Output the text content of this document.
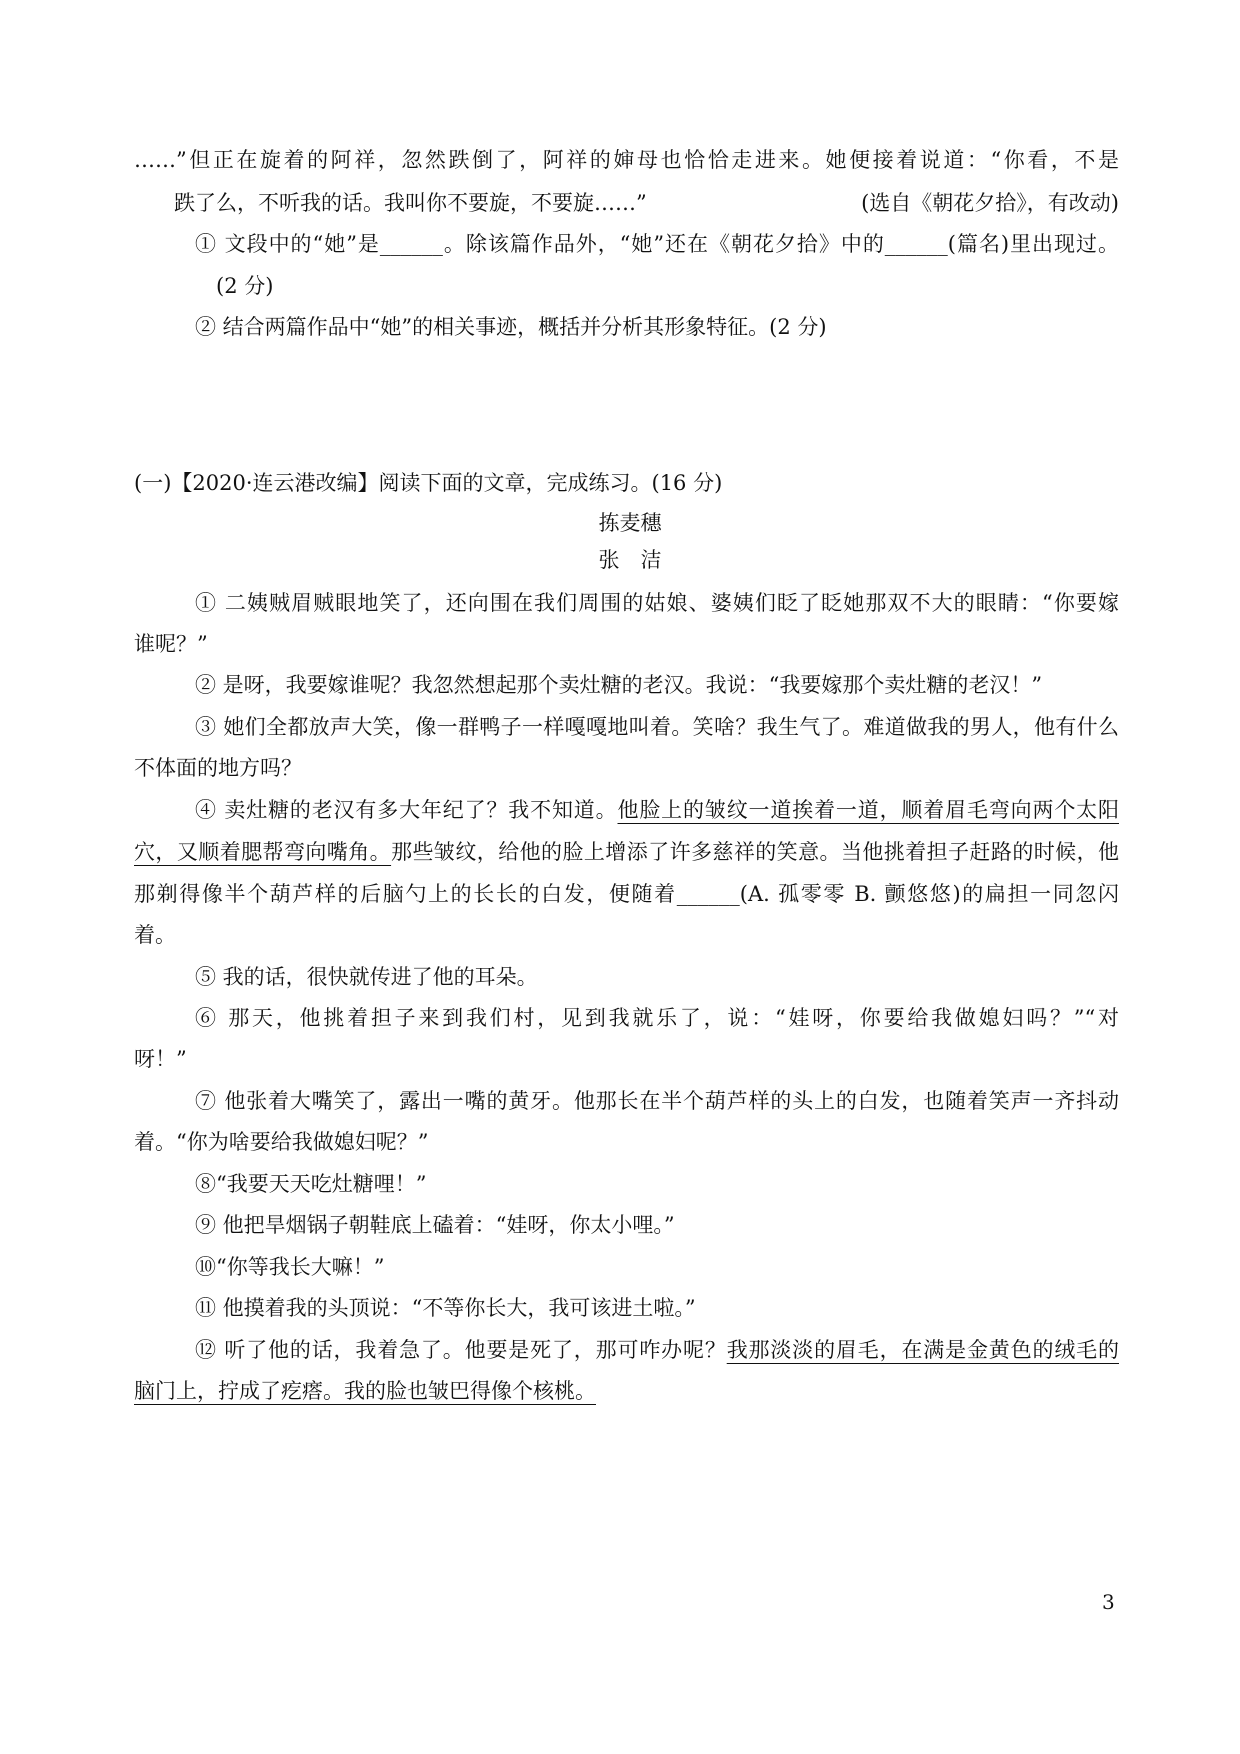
……”但正在旋着的阿祥，忽然跌倒了，阿祥的婶母也恰恰走进来。她便接着说道：“你看，不是
跌了么，不听我的话。我叫你不要旋，不要旋……”	(选自《朝花夕拾》，有改动)
① 文段中的“她”是______。除该篇作品外，“她”还在《朝花夕拾》中的______(篇名)里出现过。
(2 分)
② 结合两篇作品中“她”的相关事迹，概括并分析其形象特征。(2 分)
(一)【2020·连云港改编】阅读下面的文章，完成练习。(16 分)
拣麦穗
张　洁
① 二姨贼眉贼眼地笑了，还向围在我们周围的姑娘、婆姨们眨了眨她那双不大的眼睛：“你要嫁
谁呢？”
② 是呀，我要嫁谁呢？我忽然想起那个卖灶糖的老汉。我说：“我要嫁那个卖灶糖的老汉！”
③ 她们全都放声大笑，像一群鸭子一样嘎嘎地叫着。笑啥？我生气了。难道做我的男人，他有什么
不体面的地方吗？
④ 卖灶糖的老汉有多大年纪了？我不知道。他脸上的皱纹一道挨着一道，顺着眉毛弯向两个太阳
穴，又顺着腮帮弯向嘴角。那些皱纹，给他的脸上增添了许多慈祥的笑意。当他挑着担子赶路的时候，他
那剃得像半个葫芦样的后脑勺上的长长的白发，便随着______(A. 孤零零 B. 颤悠悠)的扁担一同忽闪
着。
⑤ 我的话，很快就传进了他的耳朵。
⑥ 那天，他挑着担子来到我们村，见到我就乐了，说：“娃呀，你要给我做媳妇吗？”“对
呀！”
⑦ 他张着大嘴笑了，露出一嘴的黄牙。他那长在半个葫芦样的头上的白发，也随着笑声一齐抖动
着。“你为啥要给我做媳妇呢？”
⑧“我要天天吃灶糖哩！”
⑨ 他把旱烟锅子朝鞋底上磕着：“娃呀，你太小哩。”
⑩“你等我长大嘛！”
⑪ 他摸着我的头顶说：“不等你长大，我可该进土啦。”
⑫ 听了他的话，我着急了。他要是死了，那可咋办呢？我那淡淡的眉毛，在满是金黄色的绒毛的
脑门上，拧成了疙瘩。我的脸也皱巴得像个核桃。
3
